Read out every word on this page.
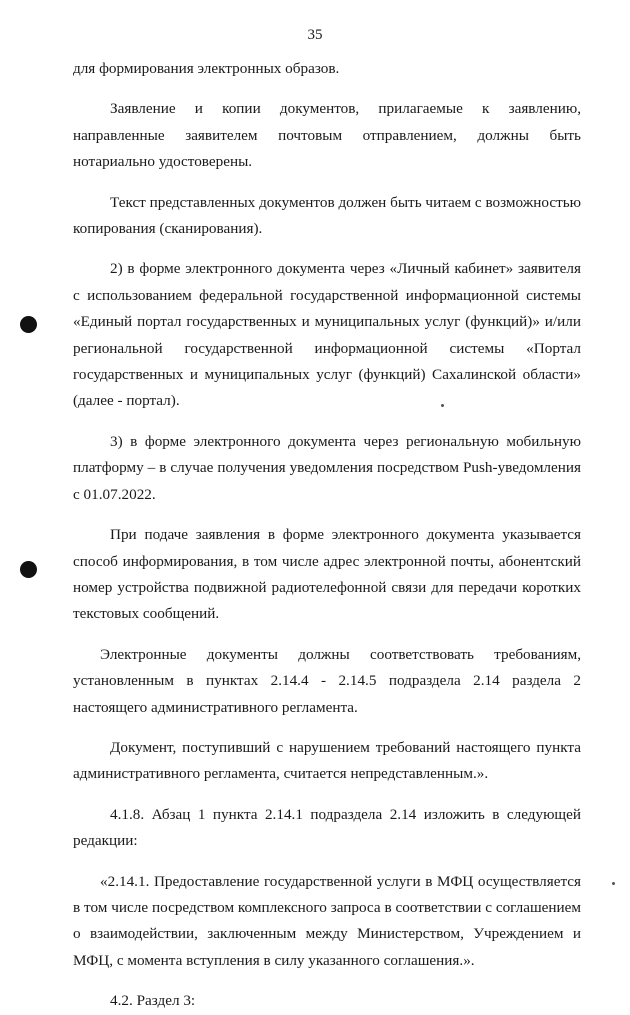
35

для формирования электронных образов.

Заявление и копии документов, прилагаемые к заявлению, направленные заявителем почтовым отправлением, должны быть нотариально удостоверены.

Текст представленных документов должен быть читаем с возможностью копирования (сканирования).

2) в форме электронного документа через «Личный кабинет» заявителя с использованием федеральной государственной информационной системы «Единый портал государственных и муниципальных услуг (функций)» и/или региональной государственной информационной системы «Портал государственных и муниципальных услуг (функций) Сахалинской области» (далее - портал).

3) в форме электронного документа через региональную мобильную платформу – в случае получения уведомления посредством Push-уведомления с 01.07.2022.

При подаче заявления в форме электронного документа указывается способ информирования, в том числе адрес электронной почты, абонентский номер устройства подвижной радиотелефонной связи для передачи коротких текстовых сообщений.

Электронные документы должны соответствовать требованиям, установленным в пунктах 2.14.4 - 2.14.5 подраздела 2.14 раздела 2 настоящего административного регламента.

Документ, поступивший с нарушением требований настоящего пункта административного регламента, считается непредставленным.».

4.1.8. Абзац 1 пункта 2.14.1 подраздела 2.14 изложить в следующей редакции:

«2.14.1. Предоставление государственной услуги в МФЦ осуществляется в том числе посредством комплексного запроса в соответствии с соглашением о взаимодействии, заключенным между Министерством, Учреждением и МФЦ, с момента вступления в силу указанного соглашения.».

4.2. Раздел 3:
